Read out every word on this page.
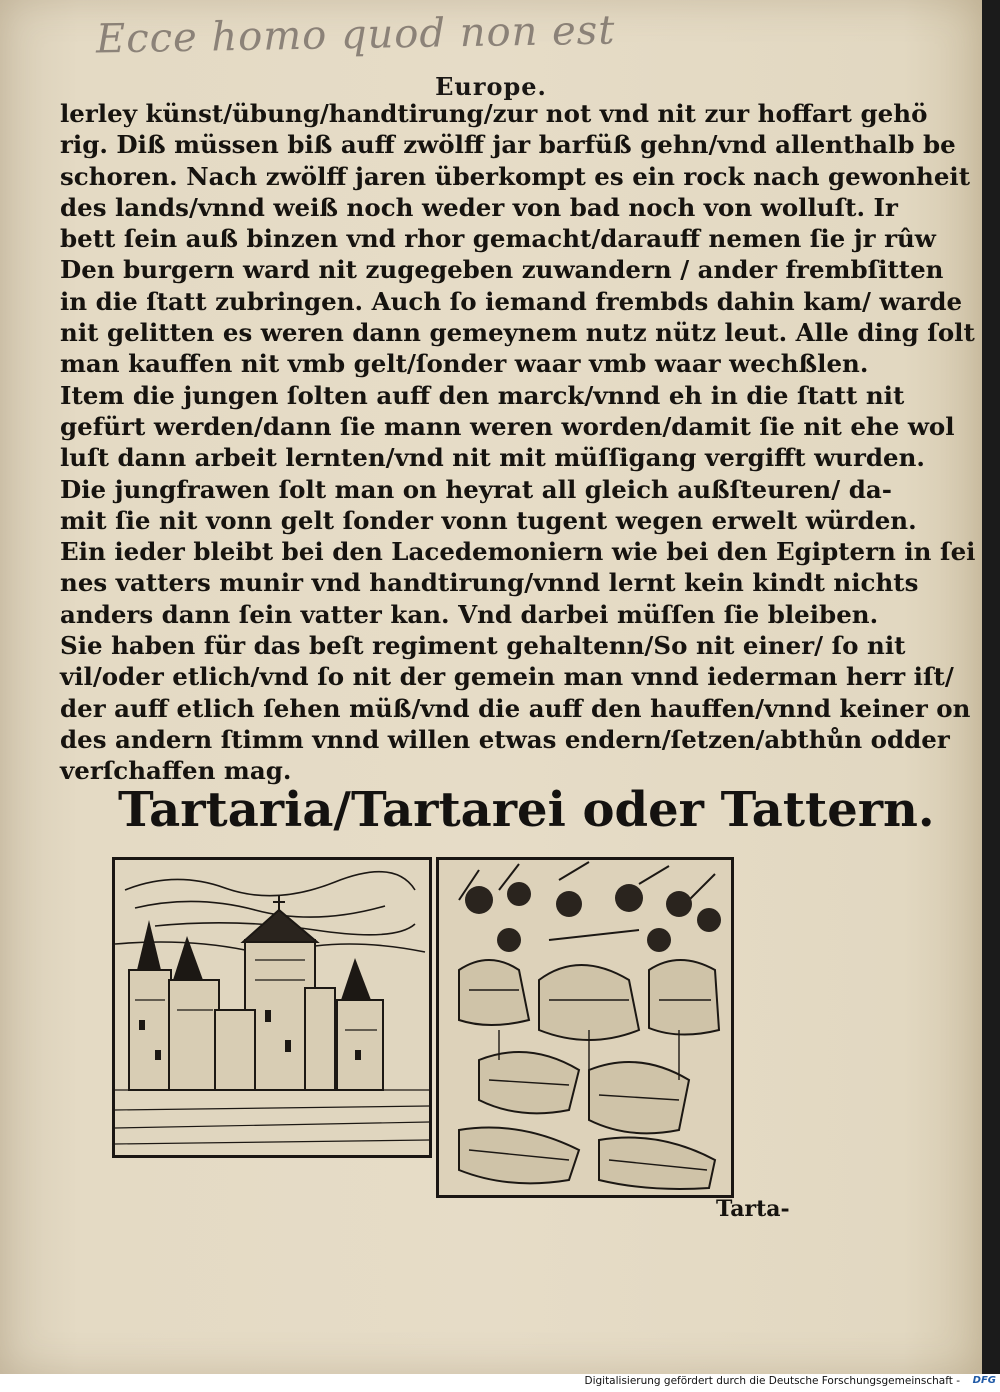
Ecce homo quod non est
Europe.
lerley künst/übung/handtirung/zur not vnd nit zur hoffart gehö
rig. Diß müssen biß auff zwölff jar barfüß gehn/vnd allenthalb be
schoren. Nach zwölff jaren überkompt es ein rock nach gewonheit
des lands/vnnd weiß noch weder von bad noch von wolluſt. Ir
bett ſein auß binzen vnd rhor gemacht/darauff nemen ſie jr rûw
Den burgern ward nit zugegeben zuwandern / ander frembſitten
in die ſtatt zubringen. Auch ſo iemand frembds dahin kam/ warde
nit gelitten es weren dann gemeynem nutz nütz leut. Alle ding ſolt
man kauffen nit vmb gelt/ſonder waar vmb waar wechßlen.
Item die jungen ſolten auff den marck/vnnd eh in die ſtatt nit
gefürt werden/dann ſie mann weren worden/damit ſie nit ehe wol
luſt dann arbeit lernten/vnd nit mit müſſigang vergifft wurden.
Die jungfrawen ſolt man on heyrat all gleich außſteuren/ da-
mit ſie nit vonn gelt ſonder vonn tugent wegen erwelt würden.
Ein ieder bleibt bei den Lacedemoniern wie bei den Egiptern in ſei
nes vatters munir vnd handtirung/vnnd lernt kein kindt nichts
anders dann ſein vatter kan. Vnd darbei müſſen ſie bleiben.
Sie haben für das beſt regiment gehaltenn/So nit einer/ ſo nit
vil/oder etlich/vnd ſo nit der gemein man vnnd iederman herr iſt/
der auff etlich ſehen müß/vnd die auff den hauffen/vnnd keiner on
des andern ſtimm vnnd willen etwas endern/ſetzen/abthůn odder
verſchaffen mag.
Tartaria/Tartarei oder Tattern.
Tarta-
Digitalisierung gefördert durch die Deutsche Forschungsgemeinschaft - DFG
